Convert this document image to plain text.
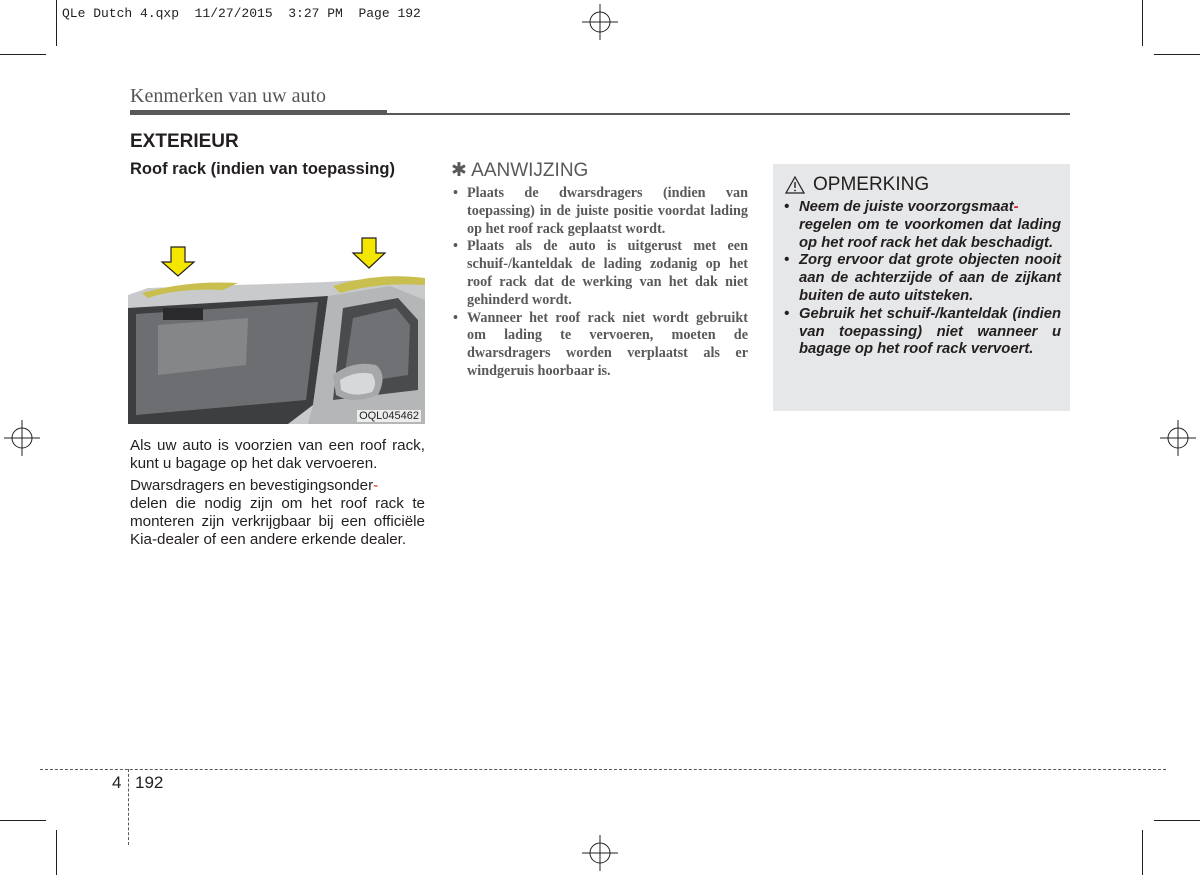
QLe Dutch 4.qxp  11/27/2015  3:27 PM  Page 192
Kenmerken van uw auto
EXTERIEUR
Roof rack (indien van toepassing)
OQL045462

Als uw auto is voorzien van een roof rack, kunt u bagage op het dak vervoeren.

Dwarsdragers en bevestigingsonder-
delen die nodig zijn om het roof rack te monteren zijn verkrijgbaar bij een officiële Kia-dealer of een andere erkende dealer.

✱ AANWIJZING
• Plaats de dwarsdragers (indien van toepassing) in de juiste positie voordat lading op het roof rack geplaatst wordt.
• Plaats als de auto is uitgerust met een schuif-/kanteldak de lading zodanig op het roof rack dat de werking van het dak niet gehinderd wordt.
• Wanneer het roof rack niet wordt gebruikt om lading te vervoeren, moeten de dwarsdragers worden verplaatst als er windgeruis hoorbaar is.
OPMERKING
• Neem de juiste voorzorgsmaat-
regelen om te voorkomen dat lading op het roof rack het dak beschadigt.
• Zorg ervoor dat grote objecten nooit aan de achterzijde of aan de zijkant buiten de auto uitsteken.
• Gebruik het schuif-/kanteldak (indien van toepassing) niet wanneer u bagage op het roof rack vervoert.
4 192
